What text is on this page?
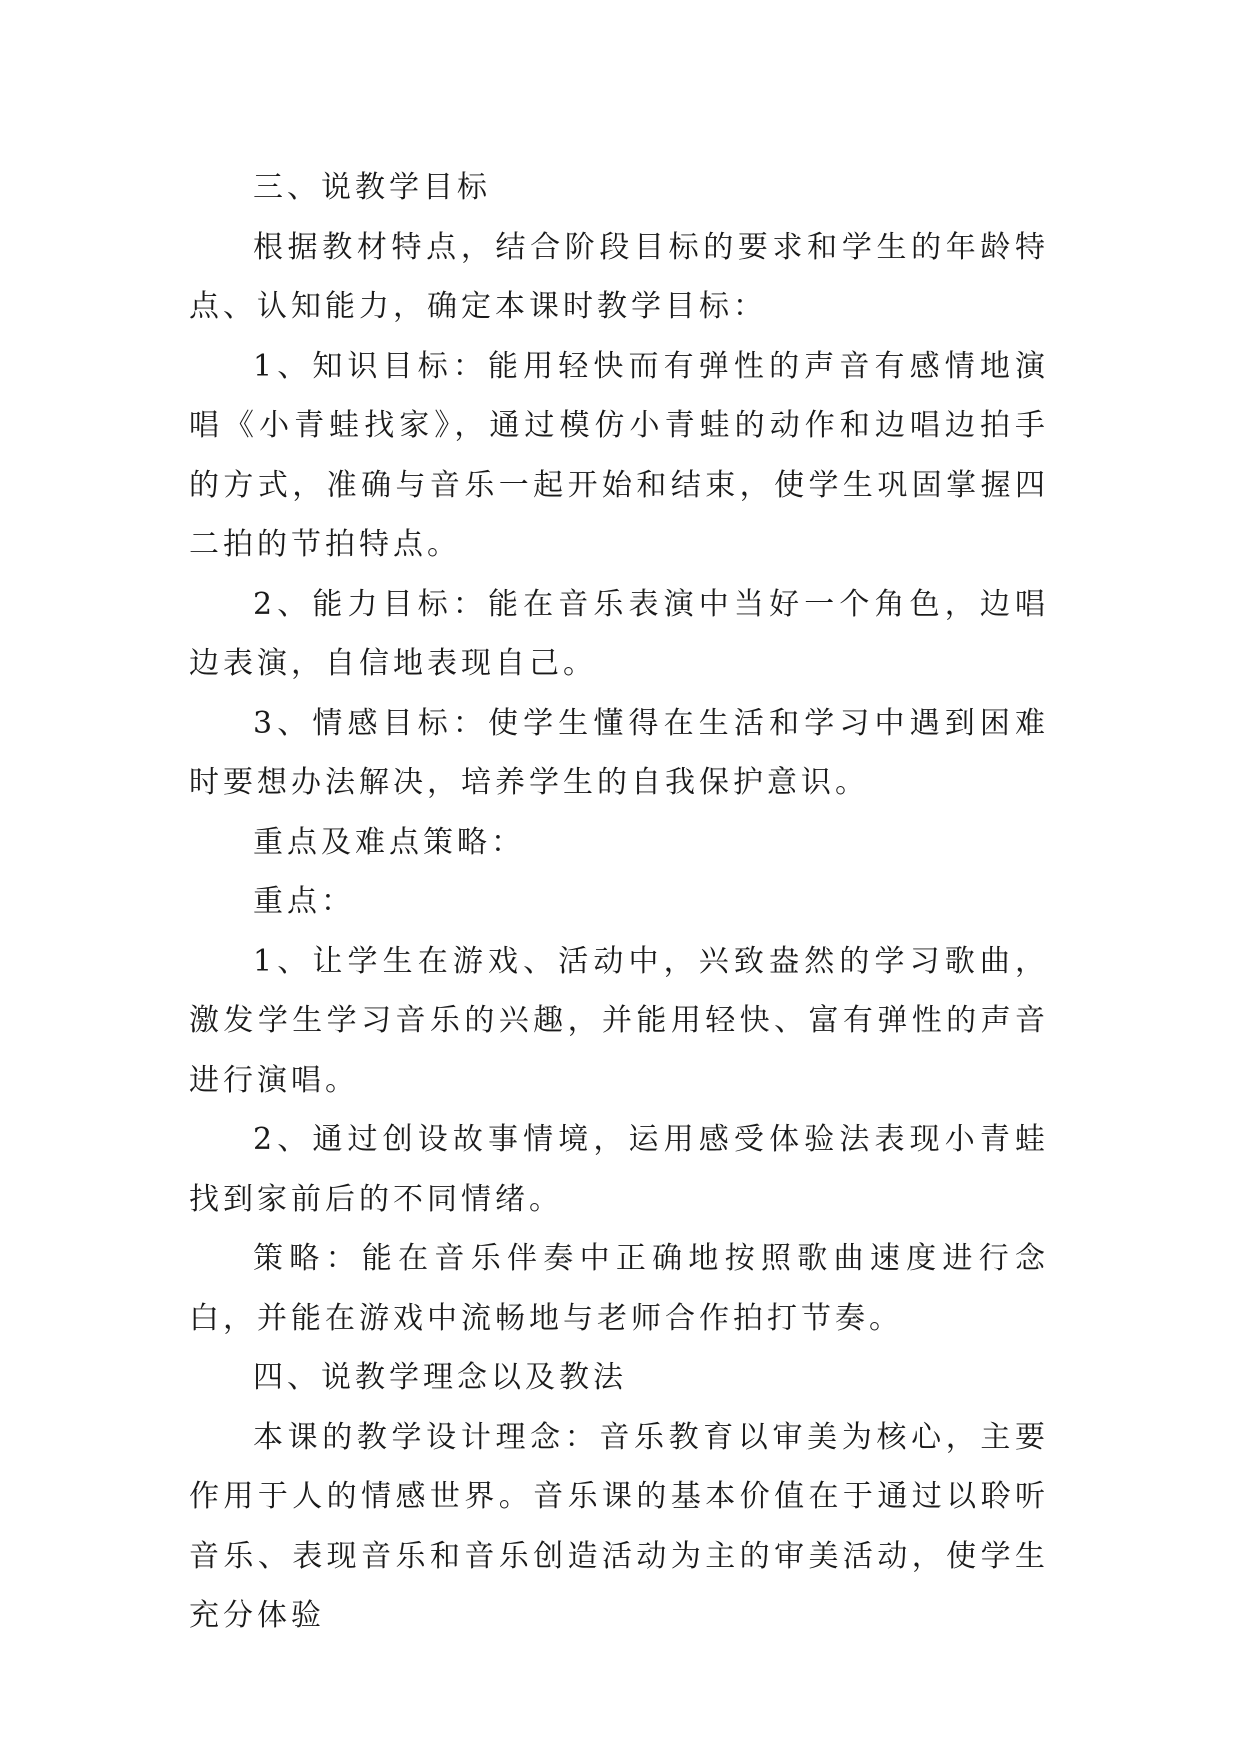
三、说教学目标

根据教材特点，结合阶段目标的要求和学生的年龄特点、认知能力，确定本课时教学目标：

1、知识目标：能用轻快而有弹性的声音有感情地演唱《小青蛙找家》，通过模仿小青蛙的动作和边唱边拍手的方式，准确与音乐一起开始和结束，使学生巩固掌握四二拍的节拍特点。

2、能力目标：能在音乐表演中当好一个角色，边唱边表演，自信地表现自己。

3、情感目标：使学生懂得在生活和学习中遇到困难时要想办法解决，培养学生的自我保护意识。

重点及难点策略：

重点：

1、让学生在游戏、活动中，兴致盎然的学习歌曲，激发学生学习音乐的兴趣，并能用轻快、富有弹性的声音进行演唱。

2、通过创设故事情境，运用感受体验法表现小青蛙找到家前后的不同情绪。

策略：能在音乐伴奏中正确地按照歌曲速度进行念白，并能在游戏中流畅地与老师合作拍打节奏。

四、说教学理念以及教法

本课的教学设计理念：音乐教育以审美为核心，主要作用于人的情感世界。音乐课的基本价值在于通过以聆听音乐、表现音乐和音乐创造活动为主的审美活动，使学生充分体验
